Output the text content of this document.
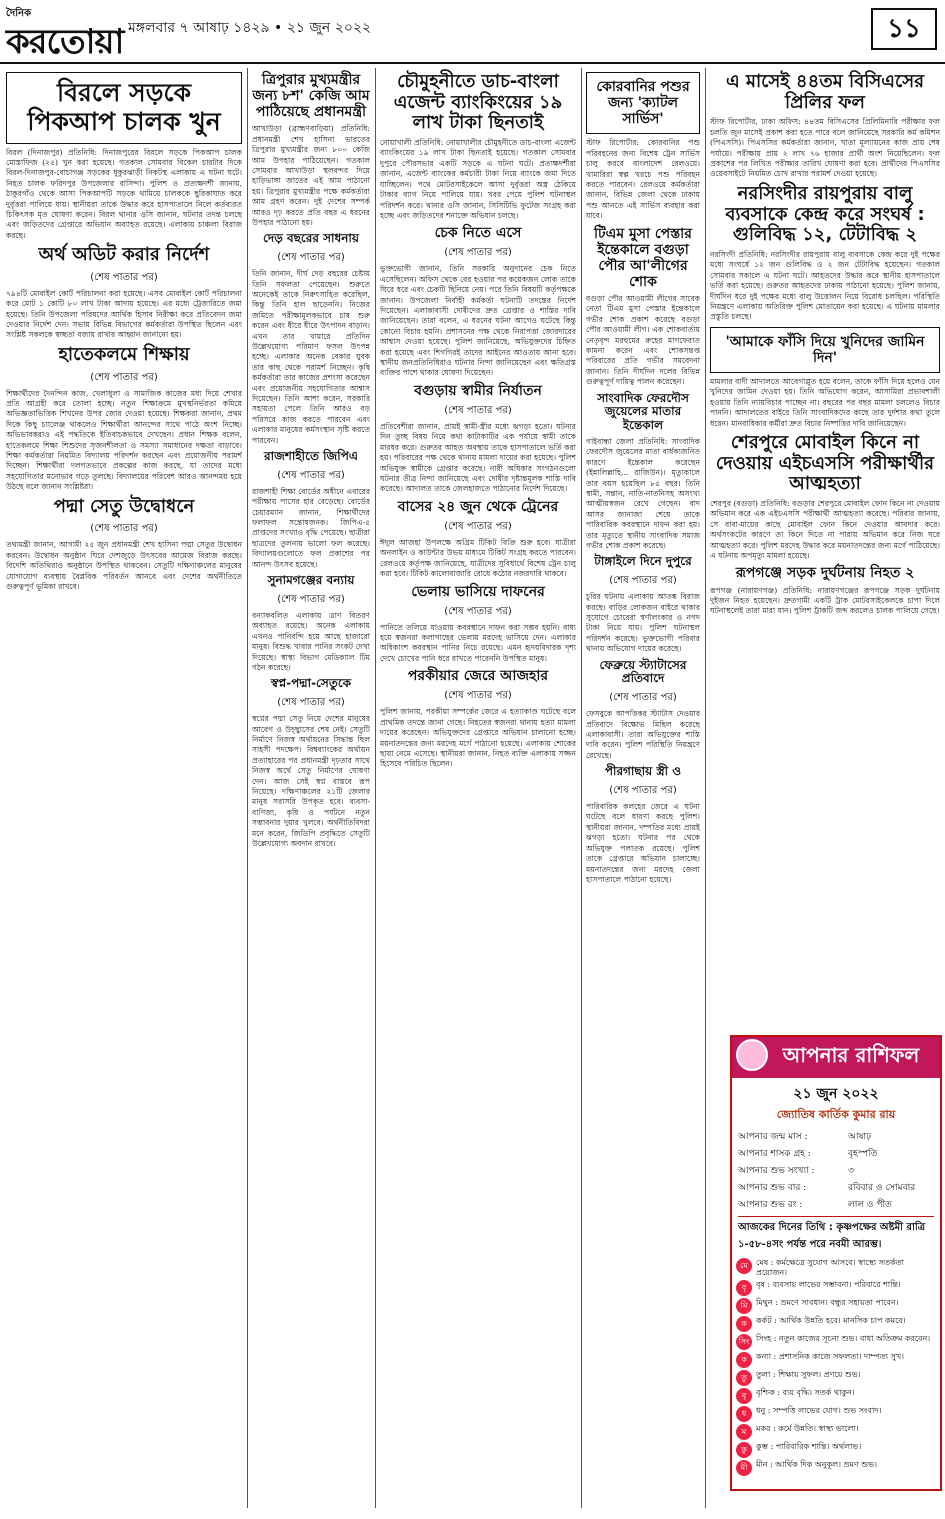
দৈনিক
করতোয়া মঙ্গলবার ৭ আষাঢ় ১৪২৯ • ২১ জুন ২০২২	১১
বিরলে সড়কে পিকআপ চালক খুন

বিরল (দিনাজপুর) প্রতিনিধি: দিনাজপুরের বিরলে সড়কে পিকআপ চালক মোস্তাফিজ (২৫) খুন করা হয়েছে। গতকাল সোমবার বিকেল চারটার দিকে বিরল-দিনাজপুর-বোচাগঞ্জ সড়কের ধুকুরঝাড়ী নিকটস্থ এলাকায় এ ঘটনা ঘটে। নিহত চালক ফরিদপুর উপজেলার বাসিন্দা। পুলিশ ও প্রত্যক্ষদর্শী জানায়, ঠাকুরগাঁও থেকে আসা পিকআপটি সড়কে থামিয়ে চালককে ছুরিকাঘাত করে দুর্বৃত্তরা পালিয়ে যায়। স্থানীয়রা তাকে উদ্ধার করে হাসপাতালে নিলে কর্তব্যরত চিকিৎসক মৃত ঘোষণা করেন। বিরল থানার ওসি জানান, ঘটনার তদন্ত চলছে এবং জড়িতদের গ্রেপ্তারে অভিযান অব্যাহত রয়েছে। এলাকায় চাঞ্চল্য বিরাজ করছে।

অর্থ অডিট করার নির্দেশ
(শেষ পাতার পর)

৭৯৪টি মোবাইল কোর্ট পরিচালনা করা হয়েছে। এসব মোবাইল কোর্ট পরিচালনা করে মোট ১ কোটি ৮০ লাখ টাকা আদায় হয়েছে। এর মধ্যে ট্রেজারিতে জমা হয়েছে। তিনি উপজেলা পরিষদের আর্থিক হিসাব নিরীক্ষা করে প্রতিবেদন জমা দেওয়ার নির্দেশ দেন। সভায় বিভিন্ন বিভাগের কর্মকর্তারা উপস্থিত ছিলেন এবং সংশ্লিষ্ট সকলকে স্বচ্ছতা বজায় রাখার আহ্বান জানানো হয়।

হাতেকলমে শিক্ষায়
(শেষ পাতার পর)

শিক্ষার্থীদের দৈনন্দিন কাজ, খেলাধুলা ও সামাজিক কাজের মধ্য দিয়ে শেখার প্রতি আগ্রহী করে তোলা হচ্ছে। নতুন শিক্ষাক্রমে মুখস্থনির্ভরতা কমিয়ে অভিজ্ঞতাভিত্তিক শিখনের উপর জোর দেওয়া হয়েছে। শিক্ষকরা জানান, প্রথম দিকে কিছু চ্যালেঞ্জ থাকলেও শিক্ষার্থীরা আনন্দের সাথে পাঠে অংশ নিচ্ছে। অভিভাবকরাও এই পদ্ধতিকে ইতিবাচকভাবে দেখছেন। প্রধান শিক্ষক বলেন, হাতেকলমে শিক্ষা শিশুদের সৃজনশীলতা ও সমস্যা সমাধানের দক্ষতা বাড়াবে। শিক্ষা কর্মকর্তারা নিয়মিত বিদ্যালয় পরিদর্শন করছেন এবং প্রয়োজনীয় পরামর্শ দিচ্ছেন। শিক্ষার্থীরা দলগতভাবে প্রকল্পের কাজ করছে, যা তাদের মধ্যে সহযোগিতার মনোভাব গড়ে তুলছে। বিদ্যালয়ের পরিবেশ আরও আনন্দময় হয়ে উঠছে বলে জানান সংশ্লিষ্টরা।

পদ্মা সেতু উদ্বোধনে
(শেষ পাতার পর)

তথ্যমন্ত্রী জানান, আগামী ২৫ জুন প্রধানমন্ত্রী শেখ হাসিনা পদ্মা সেতুর উদ্বোধন করবেন। উদ্বোধন অনুষ্ঠান ঘিরে দেশজুড়ে উৎসবের আমেজ বিরাজ করছে। বিদেশি অতিথিরাও অনুষ্ঠানে উপস্থিত থাকবেন। সেতুটি দক্ষিণাঞ্চলের মানুষের যোগাযোগ ব্যবস্থায় বৈপ্লবিক পরিবর্তন আনবে এবং দেশের অর্থনীতিতে গুরুত্বপূর্ণ ভূমিকা রাখবে।

ত্রিপুরার মুখ্যমন্ত্রীর জন্য ৮শ' কেজি আম পাঠিয়েছে প্রধানমন্ত্রী

আখাউড়া (ব্রাহ্মণবাড়িয়া) প্রতিনিধি: প্রধানমন্ত্রী শেখ হাসিনা ভারতের ত্রিপুরার মুখ্যমন্ত্রীর জন্য ৮০০ কেজি আম উপহার পাঠিয়েছেন। গতকাল সোমবার আখাউড়া স্থলবন্দর দিয়ে হাড়িভাঙ্গা জাতের এই আম পাঠানো হয়। ত্রিপুরার মুখ্যমন্ত্রীর পক্ষে কর্মকর্তারা আম গ্রহণ করেন। দুই দেশের সম্পর্ক আরও দৃঢ় করতে প্রতি বছর এ ধরনের উপহার পাঠানো হয়।

দেড় বছরের সাধনায়
(শেষ পাতার পর)

তিনি জানান, দীর্ঘ দেড় বছরের চেষ্টায় তিনি সফলতা পেয়েছেন। শুরুতে অনেকেই তাকে নিরুৎসাহিত করেছিল, কিন্তু তিনি হাল ছাড়েননি। নিজের জমিতে পরীক্ষামূলকভাবে চাষ শুরু করেন এবং ধীরে ধীরে উৎপাদন বাড়ান। এখন তার খামারে প্রতিদিন উল্লেখযোগ্য পরিমাণ ফসল উৎপন্ন হচ্ছে। এলাকার অনেক বেকার যুবক তার কাছ থেকে পরামর্শ নিচ্ছেন। কৃষি কর্মকর্তারা তার কাজের প্রশংসা করেছেন এবং প্রয়োজনীয় সহযোগিতার আশ্বাস দিয়েছেন। তিনি আশা করেন, সরকারি সহায়তা পেলে তিনি আরও বড় পরিসরে কাজ করতে পারবেন এবং এলাকার মানুষের কর্মসংস্থান সৃষ্টি করতে পারবেন।

রাজশাহীতে জিপিএ
(শেষ পাতার পর)

রাজশাহী শিক্ষা বোর্ডের অধীনে এবারের পরীক্ষায় পাসের হার বেড়েছে। বোর্ডের চেয়ারম্যান জানান, শিক্ষার্থীদের ফলাফল সন্তোষজনক। জিপিএ-৫ প্রাপ্তদের সংখ্যাও বৃদ্ধি পেয়েছে। ছাত্রীরা ছাত্রদের তুলনায় ভালো ফল করেছে। বিদ্যালয়গুলোতে ফল প্রকাশের পর আনন্দ উৎসব হয়েছে।

সুনামগঞ্জের বন্যায়
(শেষ পাতার পর)

বন্যাকবলিত এলাকায় ত্রাণ বিতরণ অব্যাহত রয়েছে। অনেক এলাকায় এখনও পানিবন্দি হয়ে আছে হাজারো মানুষ। বিশুদ্ধ খাবার পানির সংকট দেখা দিয়েছে। স্বাস্থ্য বিভাগ মেডিক্যাল টিম গঠন করেছে।

স্বপ্ন-পদ্মা-সেতুকে
(শেষ পাতার পর)

স্বপ্নের পদ্মা সেতু নিয়ে দেশের মানুষের আবেগ ও উচ্ছ্বাসের শেষ নেই। সেতুটি নির্মাণে নিজস্ব অর্থায়নের সিদ্ধান্ত ছিল সাহসী পদক্ষেপ। বিশ্বব্যাংকের অর্থায়ন প্রত্যাহারের পর প্রধানমন্ত্রী দৃঢ়তার সাথে নিজস্ব অর্থে সেতু নির্মাণের ঘোষণা দেন। আজ সেই স্বপ্ন বাস্তবে রূপ নিয়েছে। দক্ষিণাঞ্চলের ২১টি জেলার মানুষ সরাসরি উপকৃত হবে। ব্যবসা-বাণিজ্য, কৃষি ও পর্যটনে নতুন সম্ভাবনার দুয়ার খুলবে। অর্থনীতিবিদরা মনে করেন, জিডিপি প্রবৃদ্ধিতে সেতুটি উল্লেখযোগ্য অবদান রাখবে।

চৌমুহনীতে ডাচ-বাংলা এজেন্ট ব্যাংকিংয়ের ১৯ লাখ টাকা ছিনতাই

নোয়াখালী প্রতিনিধি: নোয়াখালীর চৌমুহনীতে ডাচ-বাংলা এজেন্ট ব্যাংকিংয়ের ১৯ লাখ টাকা ছিনতাই হয়েছে। গতকাল সোমবার দুপুরে পৌরসভার একটি সড়কে এ ঘটনা ঘটে। প্রত্যক্ষদর্শীরা জানান, এজেন্ট ব্যাংকের কর্মচারী টাকা নিয়ে ব্যাংকে জমা দিতে যাচ্ছিলেন। পথে মোটরসাইকেলে আসা দুর্বৃত্তরা অস্ত্র ঠেকিয়ে টাকার ব্যাগ নিয়ে পালিয়ে যায়। খবর পেয়ে পুলিশ ঘটনাস্থল পরিদর্শন করে। থানার ওসি জানান, সিসিটিভি ফুটেজ সংগ্রহ করা হচ্ছে এবং জড়িতদের শনাক্তে অভিযান চলছে।

চেক নিতে এসে
(শেষ পাতার পর)

ভুক্তভোগী জানান, তিনি সরকারি অনুদানের চেক নিতে এসেছিলেন। অফিস থেকে বের হওয়ার পর কয়েকজন লোক তাকে ঘিরে ধরে এবং চেকটি ছিনিয়ে নেয়। পরে তিনি বিষয়টি কর্তৃপক্ষকে জানান। উপজেলা নির্বাহী কর্মকর্তা ঘটনাটি তদন্তের নির্দেশ দিয়েছেন। এলাকাবাসী দোষীদের দ্রুত গ্রেপ্তার ও শাস্তির দাবি জানিয়েছেন। তারা বলেন, এ ধরনের ঘটনা আগেও ঘটেছে কিন্তু কোনো বিচার হয়নি। প্রশাসনের পক্ষ থেকে নিরাপত্তা জোরদারের আশ্বাস দেওয়া হয়েছে। পুলিশ জানিয়েছে, অভিযুক্তদের চিহ্নিত করা হয়েছে এবং শিগগিরই তাদের আইনের আওতায় আনা হবে। স্থানীয় জনপ্রতিনিধিরাও ঘটনার নিন্দা জানিয়েছেন এবং ক্ষতিগ্রস্ত ব্যক্তির পাশে থাকার ঘোষণা দিয়েছেন।

বগুড়ায় স্বামীর নির্যাতন
(শেষ পাতার পর)

প্রতিবেশীরা জানান, প্রায়ই স্বামী-স্ত্রীর মধ্যে ঝগড়া হতো। ঘটনার দিন তুচ্ছ বিষয় নিয়ে কথা কাটাকাটির এক পর্যায়ে স্বামী তাকে মারধর করে। গুরুতর আহত অবস্থায় তাকে হাসপাতালে ভর্তি করা হয়। পরিবারের পক্ষ থেকে থানায় মামলা দায়ের করা হয়েছে। পুলিশ অভিযুক্ত স্বামীকে গ্রেপ্তার করেছে। নারী অধিকার সংগঠনগুলো ঘটনার তীব্র নিন্দা জানিয়েছে এবং দোষীর দৃষ্টান্তমূলক শাস্তি দাবি করেছে। আদালত তাকে জেলহাজতে পাঠানোর নির্দেশ দিয়েছে।

বাসের ২৪ জুন থেকে ট্রেনের
(শেষ পাতার পর)

ঈদুল আজহা উপলক্ষে অগ্রিম টিকিট বিক্রি শুরু হবে। যাত্রীরা অনলাইন ও কাউন্টার উভয় মাধ্যমে টিকিট সংগ্রহ করতে পারবেন। রেলওয়ে কর্তৃপক্ষ জানিয়েছে, যাত্রীদের সুবিধার্থে বিশেষ ট্রেন চালু করা হবে। টিকিট কালোবাজারি রোধে কঠোর নজরদারি থাকবে।

ভেলায় ভাসিয়ে দাফনের
(শেষ পাতার পর)

পানিতে তলিয়ে যাওয়ায় কবরস্থানে দাফন করা সম্ভব হয়নি। বাধ্য হয়ে স্বজনরা কলাগাছের ভেলায় মরদেহ ভাসিয়ে দেন। এলাকার অধিকাংশ কবরস্থান পানির নিচে রয়েছে। এমন হৃদয়বিদারক দৃশ্য দেখে চোখের পানি ধরে রাখতে পারেননি উপস্থিত মানুষ।

পরকীয়ার জেরে আজহার
(শেষ পাতার পর)

পুলিশ জানায়, পরকীয়া সম্পর্কের জেরে এ হত্যাকাণ্ড ঘটেছে বলে প্রাথমিক তদন্তে জানা গেছে। নিহতের স্বজনরা থানায় হত্যা মামলা দায়ের করেছেন। অভিযুক্তদের গ্রেপ্তারে অভিযান চালানো হচ্ছে। ময়নাতদন্তের জন্য মরদেহ মর্গে পাঠানো হয়েছে। এলাকায় শোকের ছায়া নেমে এসেছে। স্থানীয়রা জানান, নিহত ব্যক্তি এলাকায় সজ্জন হিসেবে পরিচিত ছিলেন।

কোরবানির পশুর জন্য 'ক্যাটল সার্ভিস'

স্টাফ রিপোর্টার: কোরবানির পশু পরিবহনের জন্য বিশেষ ট্রেন সার্ভিস চালু করবে বাংলাদেশ রেলওয়ে। খামারিরা স্বল্প খরচে পশু পরিবহন করতে পারবেন। রেলওয়ে কর্মকর্তারা জানান, বিভিন্ন জেলা থেকে ঢাকায় পশু আনতে এই সার্ভিস ব্যবহার করা যাবে।

টিএম মুসা পেস্তার ইন্তেকালে বগুড়া পৌর আ'লীগের শোক

বগুড়া পৌর আওয়ামী লীগের সাবেক নেতা টিএম মুসা পেস্তার ইন্তেকালে গভীর শোক প্রকাশ করেছে বগুড়া পৌর আওয়ামী লীগ। এক শোকবার্তায় নেতৃবৃন্দ মরহুমের রুহের মাগফেরাত কামনা করেন এবং শোকসন্তপ্ত পরিবারের প্রতি গভীর সমবেদনা জানান। তিনি দীর্ঘদিন দলের বিভিন্ন গুরুত্বপূর্ণ দায়িত্ব পালন করেছেন।

সাংবাদিক ফেরদৌস জুয়েলের মাতার ইন্তেকাল

গাইবান্ধা জেলা প্রতিনিধি: সাংবাদিক ফেরদৌস জুয়েলের মাতা বার্ধক্যজনিত কারণে ইন্তেকাল করেছেন (ইন্নালিল্লাহি... রাজিউন)। মৃত্যুকালে তার বয়স হয়েছিল ৮৫ বছর। তিনি স্বামী, সন্তান, নাতি-নাতনিসহ অসংখ্য আত্মীয়স্বজন রেখে গেছেন। বাদ আসর জানাজা শেষে তাকে পারিবারিক কবরস্থানে দাফন করা হয়। তার মৃত্যুতে স্থানীয় সাংবাদিক সমাজ গভীর শোক প্রকাশ করেছে।

টাঙ্গাইলে দিনে দুপুরে
(শেষ পাতার পর)

চুরির ঘটনায় এলাকায় আতঙ্ক বিরাজ করছে। বাড়ির লোকজন বাইরে থাকার সুযোগে চোরেরা স্বর্ণালংকার ও নগদ টাকা নিয়ে যায়। পুলিশ ঘটনাস্থল পরিদর্শন করেছে। ভুক্তভোগী পরিবার থানায় অভিযোগ দায়ের করেছে।

ফেব্রুয়ে স্ট্যাটাসের প্রতিবাদে
(শেষ পাতার পর)

ফেসবুকে আপত্তিকর স্ট্যাটাস দেওয়ার প্রতিবাদে বিক্ষোভ মিছিল করেছে এলাকাবাসী। তারা অভিযুক্তের শাস্তি দাবি করেন। পুলিশ পরিস্থিতি নিয়ন্ত্রণে রেখেছে।

পীরগাছায় স্ত্রী ও
(শেষ পাতার পর)

পারিবারিক কলহের জেরে এ ঘটনা ঘটেছে বলে ধারণা করছে পুলিশ। স্থানীয়রা জানান, দম্পতির মধ্যে প্রায়ই ঝগড়া হতো। ঘটনার পর থেকে অভিযুক্ত পলাতক রয়েছে। পুলিশ তাকে গ্রেপ্তারে অভিযান চালাচ্ছে। ময়নাতদন্তের জন্য মরদেহ জেলা হাসপাতালে পাঠানো হয়েছে।

এ মাসেই ৪৪তম বিসিএসের প্রিলির ফল

স্টাফ রিপোর্টার, ঢাকা অফিস: ৪৪তম বিসিএসের প্রিলিমিনারি পরীক্ষার ফল চলতি জুন মাসেই প্রকাশ করা হতে পারে বলে জানিয়েছে সরকারি কর্ম কমিশন (পিএসসি)। পিএসসির কর্মকর্তারা জানান, খাতা মূল্যায়নের কাজ প্রায় শেষ পর্যায়ে। পরীক্ষায় প্রায় ২ লাখ ৭৬ হাজার প্রার্থী অংশ নিয়েছিলেন। ফল প্রকাশের পর লিখিত পরীক্ষার তারিখ ঘোষণা করা হবে। প্রার্থীদের পিএসসির ওয়েবসাইটে নিয়মিত চোখ রাখার পরামর্শ দেওয়া হয়েছে।

নরসিংদীর রায়পুরায় বালু ব্যবসাকে কেন্দ্র করে সংঘর্ষ : গুলিবিদ্ধ ১২, টেটাবিদ্ধ ২

নরসিংদী প্রতিনিধি: নরসিংদীর রায়পুরায় বালু ব্যবসাকে কেন্দ্র করে দুই পক্ষের মধ্যে সংঘর্ষে ১২ জন গুলিবিদ্ধ ও ২ জন টেটাবিদ্ধ হয়েছেন। গতকাল সোমবার সকালে এ ঘটনা ঘটে। আহতদের উদ্ধার করে স্থানীয় হাসপাতালে ভর্তি করা হয়েছে। গুরুতর আহতদের ঢাকায় পাঠানো হয়েছে। পুলিশ জানায়, দীর্ঘদিন ধরে দুই পক্ষের মধ্যে বালু উত্তোলন নিয়ে বিরোধ চলছিল। পরিস্থিতি নিয়ন্ত্রণে এলাকায় অতিরিক্ত পুলিশ মোতায়েন করা হয়েছে। এ ঘটনায় মামলার প্রস্তুতি চলছে।

'আমাকে ফাঁসি দিয়ে খুনিদের জামিন দিন'

মামলার বাদী আদালতে আবেগাপ্লুত হয়ে বলেন, তাকে ফাঁসি দিয়ে হলেও যেন খুনিদের জামিন দেওয়া হয়। তিনি অভিযোগ করেন, আসামিরা প্রভাবশালী হওয়ায় তিনি ন্যায়বিচার পাচ্ছেন না। বছরের পর বছর মামলা চললেও বিচার পাননি। আদালতের বাইরে তিনি সাংবাদিকদের কাছে তার দুর্দশার কথা তুলে ধরেন। মানবাধিকার কর্মীরা দ্রুত বিচার নিষ্পত্তির দাবি জানিয়েছেন।

শেরপুরে মোবাইল কিনে না দেওয়ায় এইচএসসি পরীক্ষার্থীর আত্মহত্যা

শেরপুর (বগুড়া) প্রতিনিধি: বগুড়ার শেরপুরে মোবাইল ফোন কিনে না দেওয়ায় অভিমান করে এক এইচএসসি পরীক্ষার্থী আত্মহত্যা করেছে। পরিবার জানায়, সে বাবা-মায়ের কাছে মোবাইল ফোন কিনে দেওয়ার আবদার করে। অর্থসংকটের কারণে তা কিনে দিতে না পারায় অভিমান করে নিজ ঘরে আত্মহত্যা করে। পুলিশ মরদেহ উদ্ধার করে ময়নাতদন্তের জন্য মর্গে পাঠিয়েছে। এ ঘটনায় অপমৃত্যু মামলা হয়েছে।

রূপগঞ্জে সড়ক দুর্ঘটনায় নিহত ২

রূপগঞ্জ (নারায়ণগঞ্জ) প্রতিনিধি: নারায়ণগঞ্জের রূপগঞ্জে সড়ক দুর্ঘটনায় দুইজন নিহত হয়েছেন। দ্রুতগামী একটি ট্রাক মোটরসাইকেলকে চাপা দিলে ঘটনাস্থলেই তারা মারা যান। পুলিশ ট্রাকটি জব্দ করলেও চালক পালিয়ে গেছে।

আপনার রাশিফল
২১ জুন ২০২২
জ্যোতিষ কার্তিক কুমার রায়
আপনার জন্ম মাস :	আষাঢ়
আপনার শাসক গ্রহ :	বৃহস্পতি
আপনার শুভ সংখ্যা :	৩
আপনার শুভ বার :	রবিবার ও সোমবার
আপনার শুভ রং :	লাল ও পীত
আজকের দিনের তিথি : কৃষ্ণপক্ষের অষ্টমী রাত্রি ১-৫৮-৪সং পর্যন্ত পরে নবমী আরম্ভ।
মে	মেষ : কর্মক্ষেত্রে সুযোগ আসবে। স্বাস্থ্যে সতর্কতা প্রয়োজন।
বৃ	বৃষ : ব্যবসায় লাভের সম্ভাবনা। পরিবারে শান্তি।
মি	মিথুন : ভ্রমণে সাবধান। বন্ধুর সহায়তা পাবেন।
ক	কর্কট : আর্থিক উন্নতি হবে। মানসিক চাপ কমবে।
সিং সিংহ : নতুন কাজের সূচনা শুভ। বাধা অতিক্রম করবেন।
ক	কন্যা : প্রশাসনিক কাজে সফলতা। দাম্পত্য সুখ।
তু	তুলা : শিক্ষায় সুফল। প্রণয়ে শুভ।
বৃ	বৃশ্চিক : ব্যয় বৃদ্ধি। সতর্ক থাকুন।
ধ	ধনু : সম্পত্তি লাভের যোগ। শুভ সংবাদ।
ম	মকর : কর্মে উন্নতি। স্বাস্থ্য ভালো।
কু	কুম্ভ : পারিবারিক শান্তি। অর্থলাভ।
মী	মীন : আর্থিক দিক অনুকূল। ভ্রমণ শুভ।
